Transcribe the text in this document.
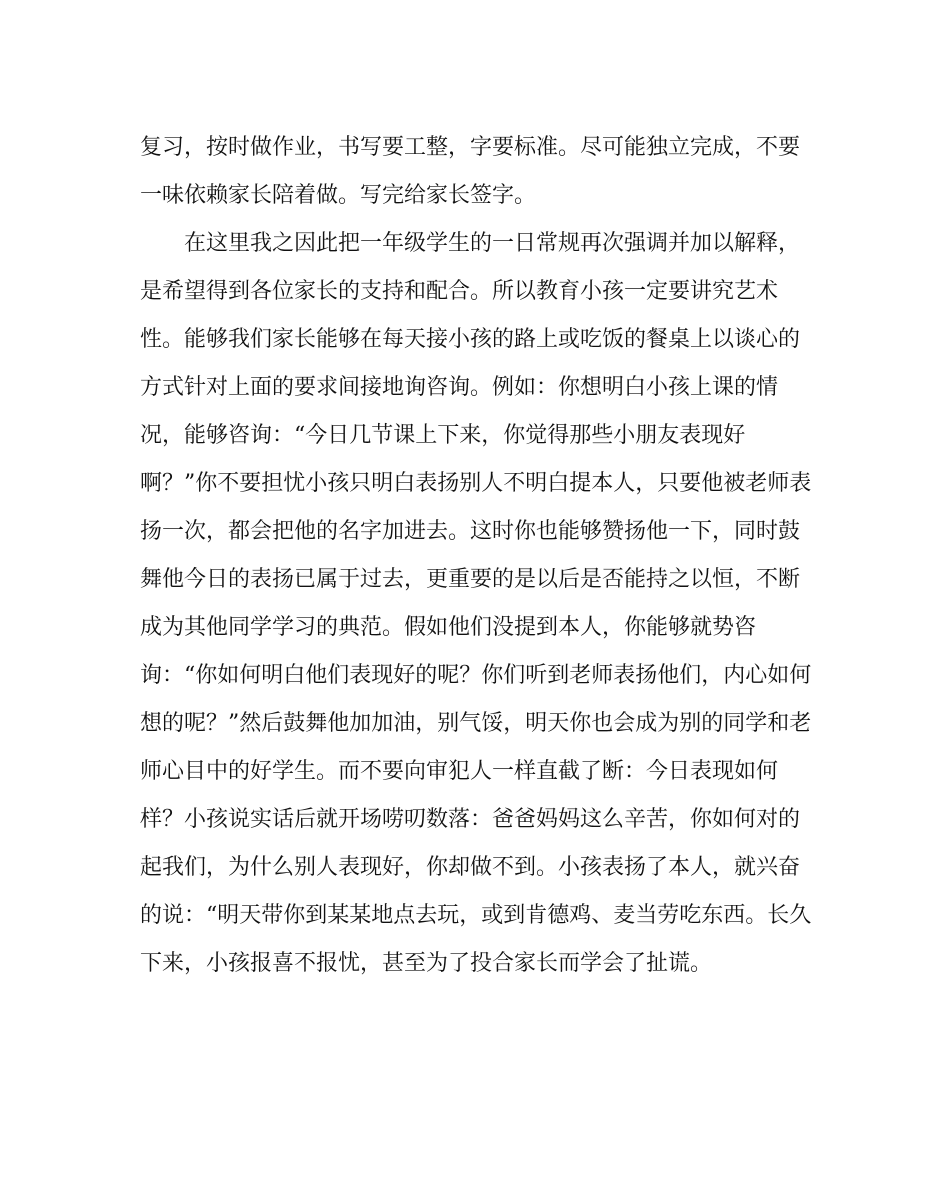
复习，按时做作业，书写要工整，字要标准。尽可能独立完成，不要
一味依赖家长陪着做。写完给家长签字。
在这里我之因此把一年级学生的一日常规再次强调并加以解释，
是希望得到各位家长的支持和配合。所以教育小孩一定要讲究艺术
性。能够我们家长能够在每天接小孩的路上或吃饭的餐桌上以谈心的
方式针对上面的要求间接地询咨询。例如：你想明白小孩上课的情
况，能够咨询：“今日几节课上下来，你觉得那些小朋友表现好
啊？”你不要担忧小孩只明白表扬别人不明白提本人，只要他被老师表
扬一次，都会把他的名字加进去。这时你也能够赞扬他一下，同时鼓
舞他今日的表扬已属于过去，更重要的是以后是否能持之以恒，不断
成为其他同学学习的典范。假如他们没提到本人，你能够就势咨
询：“你如何明白他们表现好的呢？你们听到老师表扬他们，内心如何
想的呢？”然后鼓舞他加加油，别气馁，明天你也会成为别的同学和老
师心目中的好学生。而不要向审犯人一样直截了断：今日表现如何
样？小孩说实话后就开场唠叨数落：爸爸妈妈这么辛苦，你如何对的
起我们，为什么别人表现好，你却做不到。小孩表扬了本人，就兴奋
的说：“明天带你到某某地点去玩，或到肯德鸡、麦当劳吃东西。长久
下来，小孩报喜不报忧，甚至为了投合家长而学会了扯谎。
